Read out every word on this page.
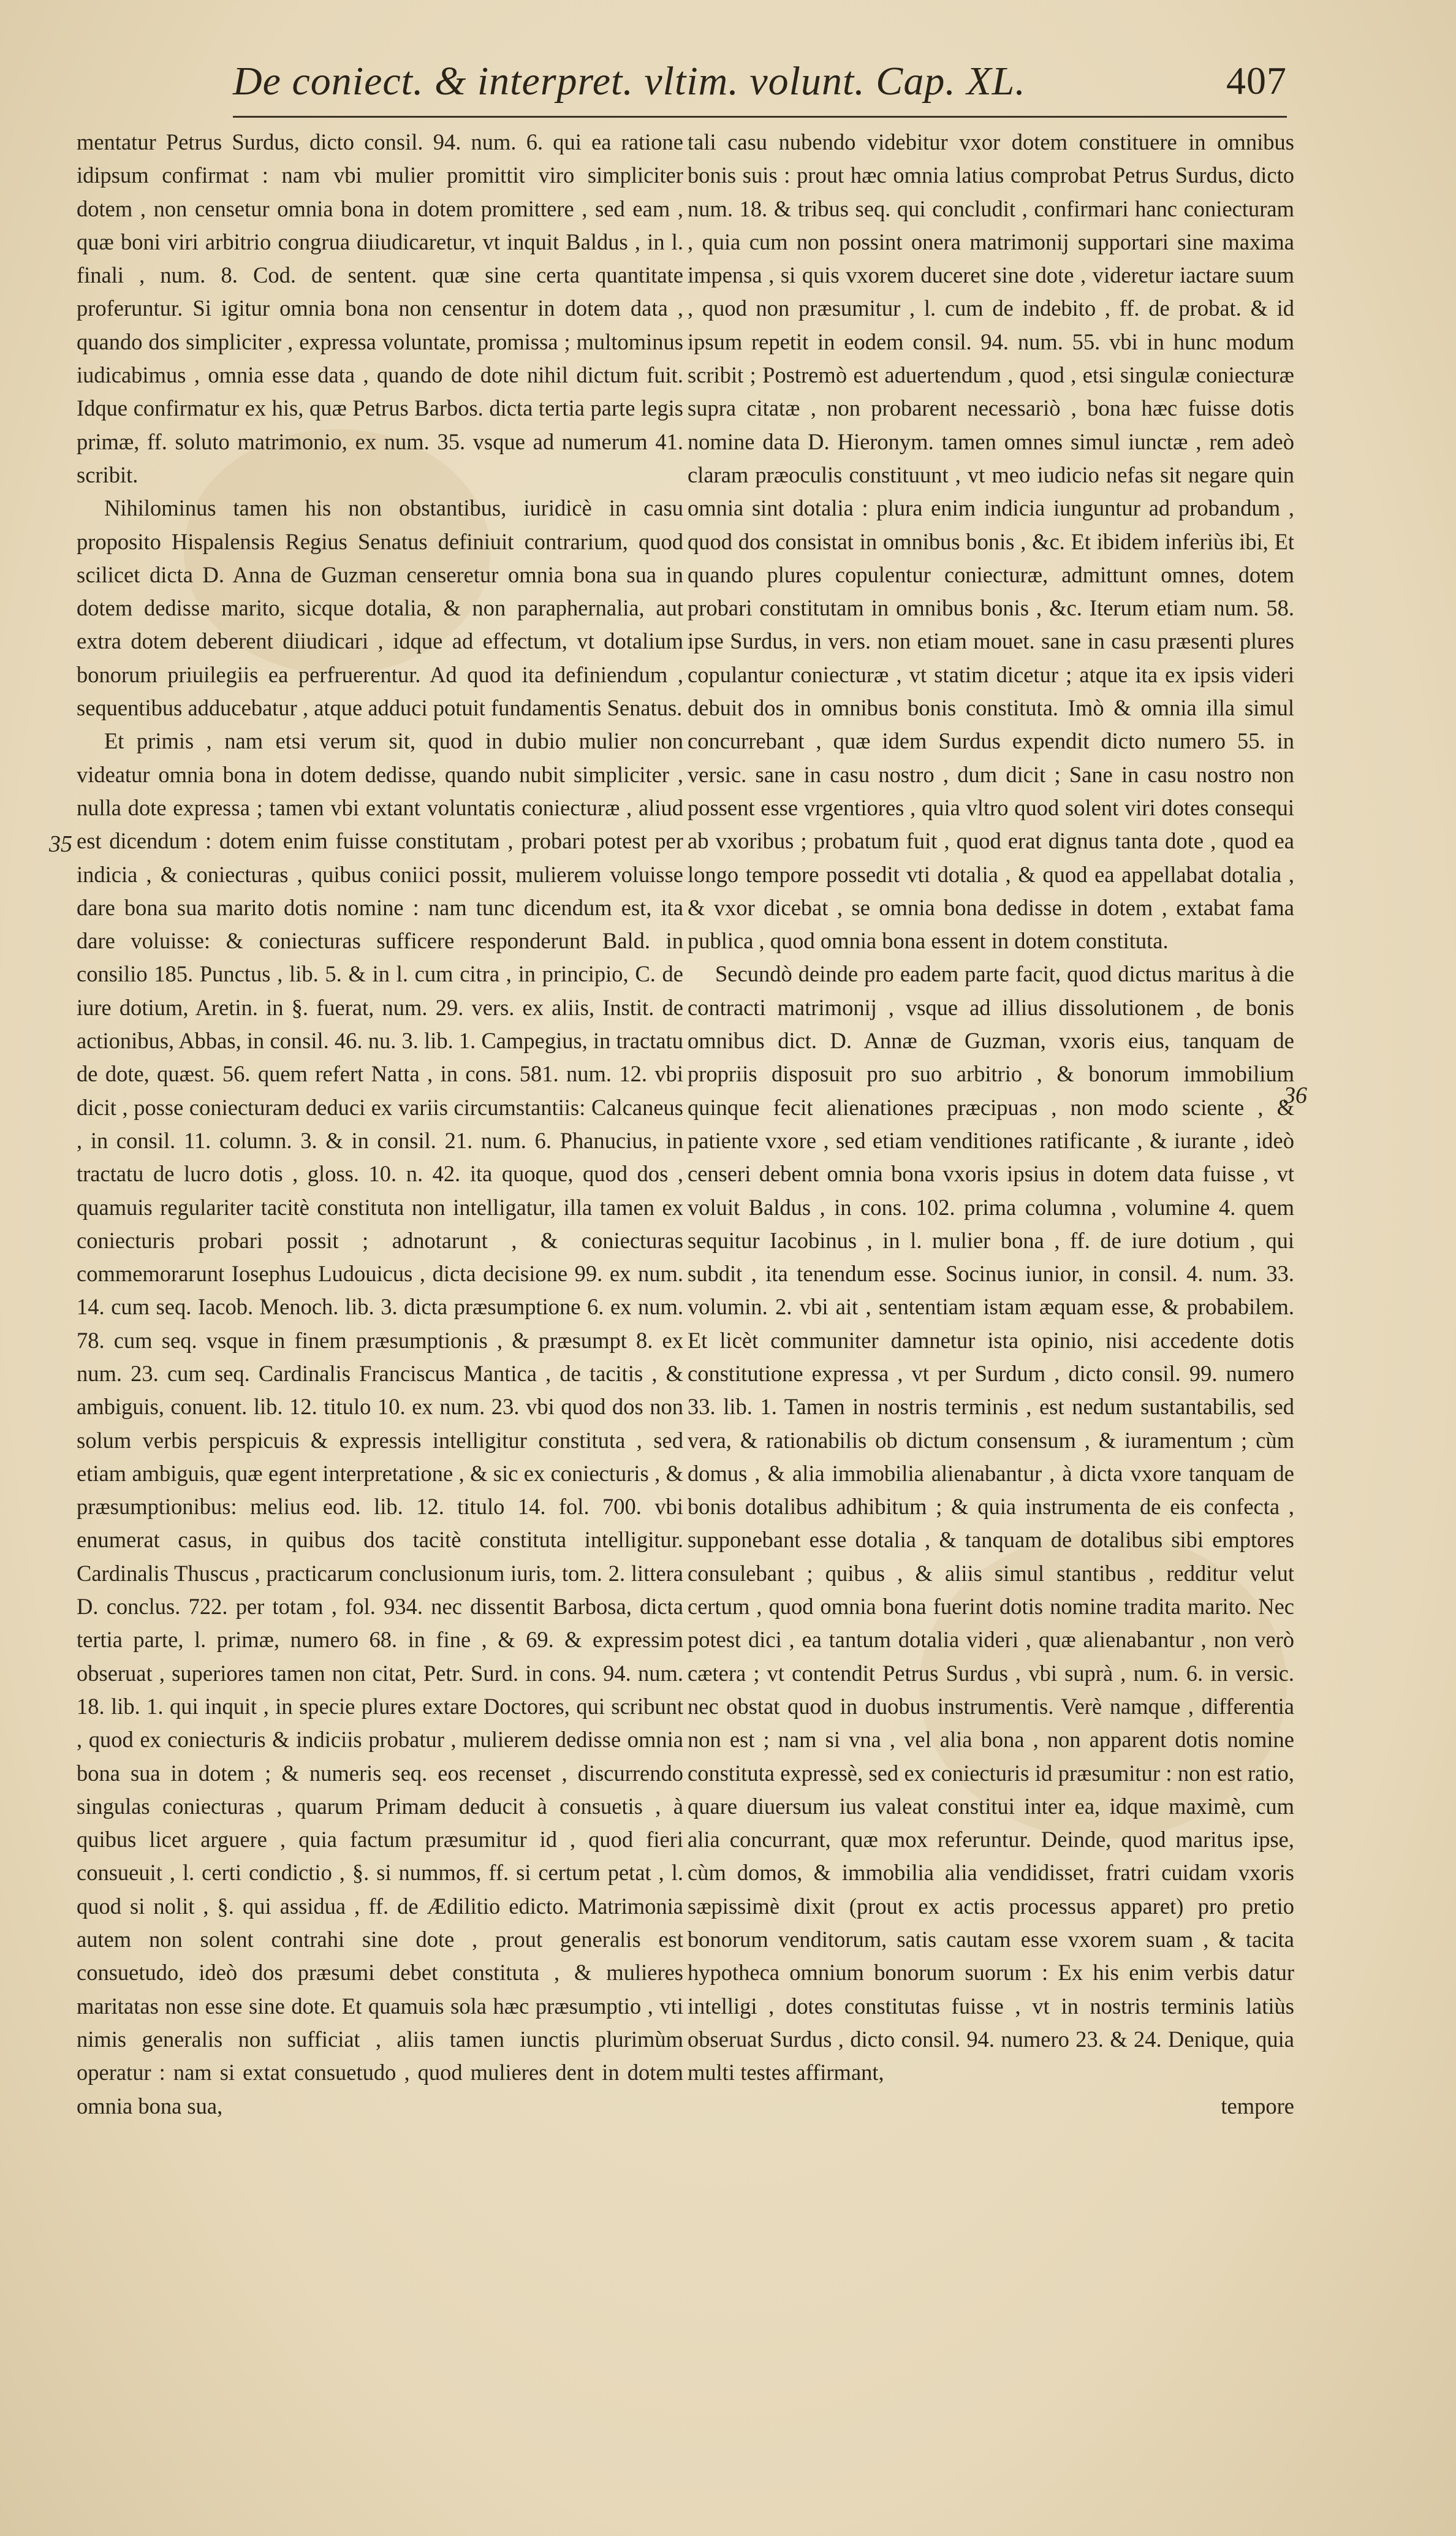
De coniect. & interpret. vltim. volunt. Cap. XL.	407
35
36

mentatur Petrus Surdus, dicto consil. 94. num. 6. qui ea ratione idipsum confirmat : nam vbi mulier promittit viro simpliciter dotem , non censetur omnia bona in dotem promittere , sed eam , quæ boni viri arbitrio congrua diiudicaretur, vt inquit Baldus , in l. finali , num. 8. Cod. de sentent. quæ sine certa quantitate proferuntur. Si igitur omnia bona non censentur in dotem data , quando dos simpliciter , expressa voluntate, promissa ; multominus iudicabimus , omnia esse data , quando de dote nihil dictum fuit. Idque confirmatur ex his, quæ Petrus Barbos. dicta tertia parte legis primæ, ff. soluto matrimonio, ex num. 35. vsque ad numerum 41. scribit.

Nihilominus tamen his non obstantibus, iuridicè in casu proposito Hispalensis Regius Senatus definiuit contrarium, quod scilicet dicta D. Anna de Guzman censeretur omnia bona sua in dotem dedisse marito, sicque dotalia, & non paraphernalia, aut extra dotem deberent diiudicari , idque ad effectum, vt dotalium bonorum priuilegiis ea perfruerentur. Ad quod ita definiendum , sequentibus adducebatur , atque adduci potuit fundamentis Senatus.

Et primis , nam etsi verum sit, quod in dubio mulier non videatur omnia bona in dotem dedisse, quando nubit simpliciter , nulla dote expressa ; tamen vbi extant voluntatis coniecturæ , aliud est dicendum : dotem enim fuisse constitutam , probari potest per indicia , & coniecturas , quibus coniici possit, mulierem voluisse dare bona sua marito dotis nomine : nam tunc dicendum est, ita dare voluisse: & coniecturas sufficere responderunt Bald. in consilio 185. Punctus , lib. 5. & in l. cum citra , in principio, C. de iure dotium, Aretin. in §. fuerat, num. 29. vers. ex aliis, Instit. de actionibus, Abbas, in consil. 46. nu. 3. lib. 1. Campegius, in tractatu de dote, quæst. 56. quem refert Natta , in cons. 581. num. 12. vbi dicit , posse coniecturam deduci ex variis circumstantiis: Calcaneus , in consil. 11. column. 3. & in consil. 21. num. 6. Phanucius, in tractatu de lucro dotis , gloss. 10. n. 42. ita quoque, quod dos , quamuis regulariter tacitè constituta non intelligatur, illa tamen ex coniecturis probari possit ; adnotarunt , & coniecturas commemorarunt Iosephus Ludouicus , dicta decisione 99. ex num. 14. cum seq. Iacob. Menoch. lib. 3. dicta præsumptione 6. ex num. 78. cum seq. vsque in finem præsumptionis , & præsumpt 8. ex num. 23. cum seq. Cardinalis Franciscus Mantica , de tacitis , & ambiguis, conuent. lib. 12. titulo 10. ex num. 23. vbi quod dos non solum verbis perspicuis & expressis intelligitur constituta , sed etiam ambiguis, quæ egent interpretatione , & sic ex coniecturis , & præsumptionibus: melius eod. lib. 12. titulo 14. fol. 700. vbi enumerat casus, in quibus dos tacitè constituta intelligitur. Cardinalis Thuscus , practicarum conclusionum iuris, tom. 2. littera D. conclus. 722. per totam , fol. 934. nec dissentit Barbosa, dicta tertia parte, l. primæ, numero 68. in fine , & 69. & expressim obseruat , superiores tamen non citat, Petr. Surd. in cons. 94. num. 18. lib. 1. qui inquit , in specie plures extare Doctores, qui scribunt , quod ex coniecturis & indiciis probatur , mulierem dedisse omnia bona sua in dotem ; & numeris seq. eos recenset , discurrendo singulas coniecturas , quarum Primam deducit à consuetis , à quibus licet arguere , quia factum præsumitur id , quod fieri consueuit , l. certi condictio , §. si nummos, ff. si certum petat , l. quod si nolit , §. qui assidua , ff. de Ædilitio edicto. Matrimonia autem non solent contrahi sine dote , prout generalis est consuetudo, ideò dos præsumi debet constituta , & mulieres maritatas non esse sine dote. Et quamuis sola hæc præsumptio , vti nimis generalis non sufficiat , aliis tamen iunctis plurimùm operatur : nam si extat consuetudo , quod mulieres dent in dotem omnia bona sua,

tali casu nubendo videbitur vxor dotem constituere in omnibus bonis suis : prout hæc omnia latius comprobat Petrus Surdus, dicto num. 18. & tribus seq. qui concludit , confirmari hanc coniecturam , quia cum non possint onera matrimonij supportari sine maxima impensa , si quis vxorem duceret sine dote , videretur iactare suum , quod non præsumitur , l. cum de indebito , ff. de probat. & id ipsum repetit in eodem consil. 94. num. 55. vbi in hunc modum scribit ; Postremò est aduertendum , quod , etsi singulæ coniecturæ supra citatæ , non probarent necessariò , bona hæc fuisse dotis nomine data D. Hieronym. tamen omnes simul iunctæ , rem adeò claram præoculis constituunt , vt meo iudicio nefas sit negare quin omnia sint dotalia : plura enim indicia iunguntur ad probandum , quod dos consistat in omnibus bonis , &c. Et ibidem inferiùs ibi, Et quando plures copulentur coniecturæ, admittunt omnes, dotem probari constitutam in omnibus bonis , &c. Iterum etiam num. 58. ipse Surdus, in vers. non etiam mouet. sane in casu præsenti plures copulantur coniecturæ , vt statim dicetur ; atque ita ex ipsis videri debuit dos in omnibus bonis constituta. Imò & omnia illa simul concurrebant , quæ idem Surdus expendit dicto numero 55. in versic. sane in casu nostro , dum dicit ; Sane in casu nostro non possent esse vrgentiores , quia vltro quod solent viri dotes consequi ab vxoribus ; probatum fuit , quod erat dignus tanta dote , quod ea longo tempore possedit vti dotalia , & quod ea appellabat dotalia , & vxor dicebat , se omnia bona dedisse in dotem , extabat fama publica , quod omnia bona essent in dotem constituta.

Secundò deinde pro eadem parte facit, quod dictus maritus à die contracti matrimonij , vsque ad illius dissolutionem , de bonis omnibus dict. D. Annæ de Guzman, vxoris eius, tanquam de propriis disposuit pro suo arbitrio , & bonorum immobilium quinque fecit alienationes præcipuas , non modo sciente , & patiente vxore , sed etiam venditiones ratificante , & iurante , ideò censeri debent omnia bona vxoris ipsius in dotem data fuisse , vt voluit Baldus , in cons. 102. prima columna , volumine 4. quem sequitur Iacobinus , in l. mulier bona , ff. de iure dotium , qui subdit , ita tenendum esse. Socinus iunior, in consil. 4. num. 33. volumin. 2. vbi ait , sententiam istam æquam esse, & probabilem. Et licèt communiter damnetur ista opinio, nisi accedente dotis constitutione expressa , vt per Surdum , dicto consil. 99. numero 33. lib. 1. Tamen in nostris terminis , est nedum sustantabilis, sed vera, & rationabilis ob dictum consensum , & iuramentum ; cùm domus , & alia immobilia alienabantur , à dicta vxore tanquam de bonis dotalibus adhibitum ; & quia instrumenta de eis confecta , supponebant esse dotalia , & tanquam de dotalibus sibi emptores consulebant ; quibus , & aliis simul stantibus , redditur velut certum , quod omnia bona fuerint dotis nomine tradita marito. Nec potest dici , ea tantum dotalia videri , quæ alienabantur , non verò cætera ; vt contendit Petrus Surdus , vbi suprà , num. 6. in versic. nec obstat quod in duobus instrumentis. Verè namque , differentia non est ; nam si vna , vel alia bona , non apparent dotis nomine constituta expressè, sed ex coniecturis id præsumitur : non est ratio, quare diuersum ius valeat constitui inter ea, idque maximè, cum alia concurrant, quæ mox referuntur. Deinde, quod maritus ipse, cùm domos, & immobilia alia vendidisset, fratri cuidam vxoris sæpissimè dixit (prout ex actis processus apparet) pro pretio bonorum venditorum, satis cautam esse vxorem suam , & tacita hypotheca omnium bonorum suorum : Ex his enim verbis datur intelligi , dotes constitutas fuisse , vt in nostris terminis latiùs obseruat Surdus , dicto consil. 94. numero 23. & 24. Denique, quia multi testes affirmant,

tempore
